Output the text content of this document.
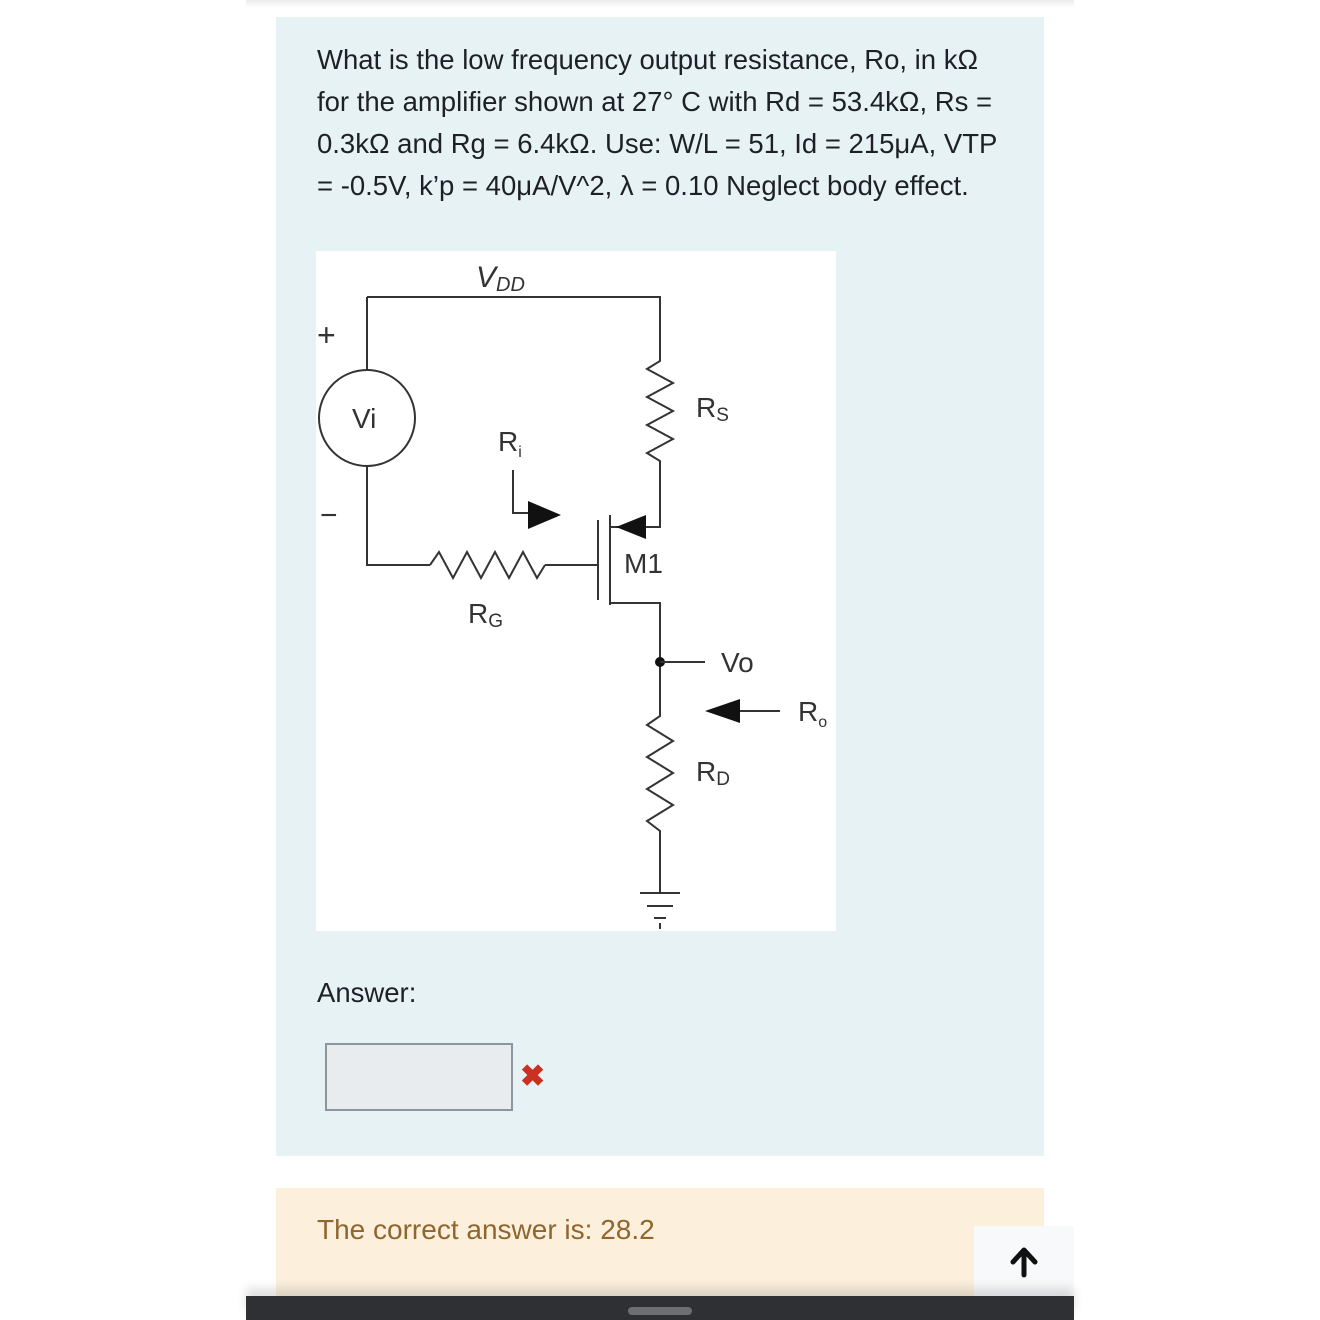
What is the low frequency output resistance, Ro, in kΩ for the amplifier shown at 27° C with Rd = 53.4kΩ, Rs = 0.3kΩ and Rg = 6.4kΩ. Use: W/L = 51, Id = 215μA, VTP = -0.5V, k’p = 40μA/V^2, λ = 0.10 Neglect body effect.
VDD
+
Vi
−
RG
RS
$R_i$
M1
Vo
$R_o$
RD
Answer:
✖
The correct answer is: 28.2
